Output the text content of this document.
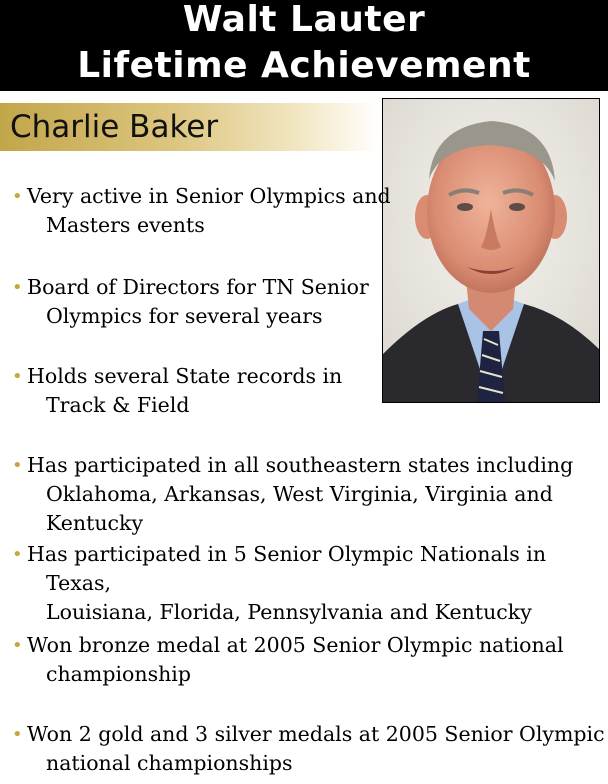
Walt Lauter
Lifetime Achievement
Charlie Baker
• Very active in Senior Olympics and
Masters events
• Board of Directors for TN Senior
Olympics for several years
• Holds several State records in
Track & Field
• Has participated in all southeastern states including
Oklahoma, Arkansas, West Virginia, Virginia and Kentucky
• Has participated in 5 Senior Olympic Nationals in Texas,
Louisiana, Florida, Pennsylvania and Kentucky
• Won bronze medal at 2005 Senior Olympic national
championship
• Won 2 gold and 3 silver medals at 2005 Senior Olympic
national championships
